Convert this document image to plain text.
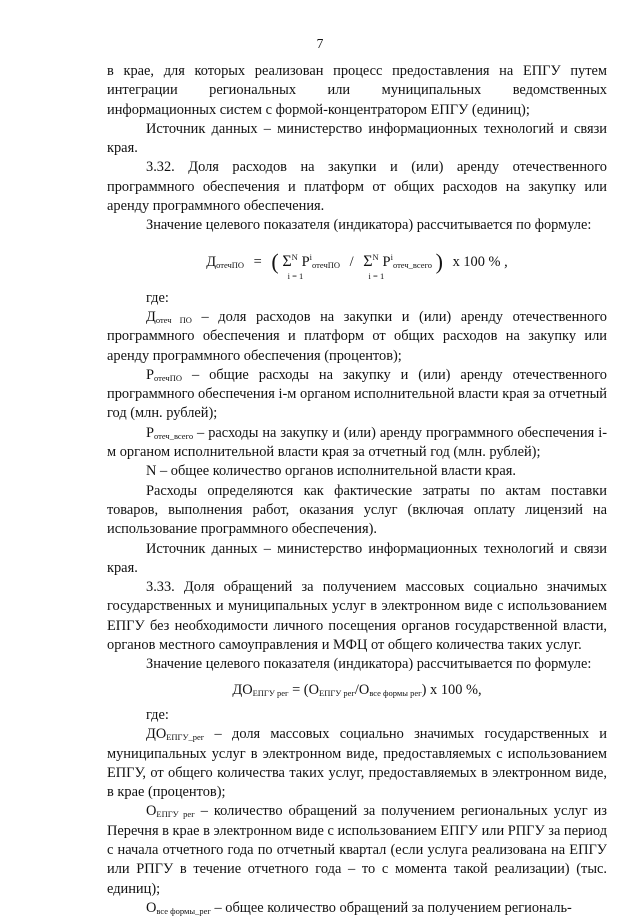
7

в крае, для которых реализован процесс предоставления на ЕПГУ путем интеграции региональных или муниципальных ведомственных информационных систем с формой-концентратором ЕПГУ (единиц);

Источник данных – министерство информационных технологий и связи края.

3.32. Доля расходов на закупки и (или) аренду отечественного программного обеспечения и платформ от общих расходов на закупку или аренду программного обеспечения.

Значение целевого показателя (индикатора) рассчитывается по формуле:

$Д_{отечПО}$ = ( Σ N
i = 1
$P^i_{отечПО}$ / Σ N
i = 1
$P^i_{отеч\_всего}$ ) x 100 % ,

где:

$Д_{отеч ПО}$ – доля расходов на закупки и (или) аренду отечественного программного обеспечения и платформ от общих расходов на закупку или аренду программного обеспечения (процентов);

$P_{отечПО}$ – общие расходы на закупку и (или) аренду отечественного программного обеспечения i-м органом исполнительной власти края за отчетный год (млн. рублей);

$P_{отеч\_всего}$ – расходы на закупку и (или) аренду программного обеспечения i-м органом исполнительной власти края за отчетный год (млн. рублей);

N – общее количество органов исполнительной власти края.

Расходы определяются как фактические затраты по актам поставки товаров, выполнения работ, оказания услуг (включая оплату лицензий на использование программного обеспечения).

Источник данных – министерство информационных технологий и связи края.

3.33. Доля обращений за получением массовых социально значимых государственных и муниципальных услуг в электронном виде с использованием ЕПГУ без необходимости личного посещения органов государственной власти, органов местного самоуправления и МФЦ от общего количества таких услуг.

Значение целевого показателя (индикатора) рассчитывается по формуле:

$ДО_{ЕПГУ рег} = (О_{ЕПГУ рег}/О_{все формы рег})$ x 100 %,

где:

$ДО_{ЕПГУ\_рег}$ – доля массовых социально значимых государственных и муниципальных услуг в электронном виде, предоставляемых с использованием ЕПГУ, от общего количества таких услуг, предоставляемых в электронном виде, в крае (процентов);

$О_{ЕПГУ рег}$ – количество обращений за получением региональных услуг из Перечня в крае в электронном виде с использованием ЕПГУ или РПГУ за период с начала отчетного года по отчетный квартал (если услуга реализована на ЕПГУ или РПГУ в течение отчетного года – то с момента такой реализации) (тыс. единиц);

$О_{все формы\_рег}$ – общее количество обращений за получением региональ-
